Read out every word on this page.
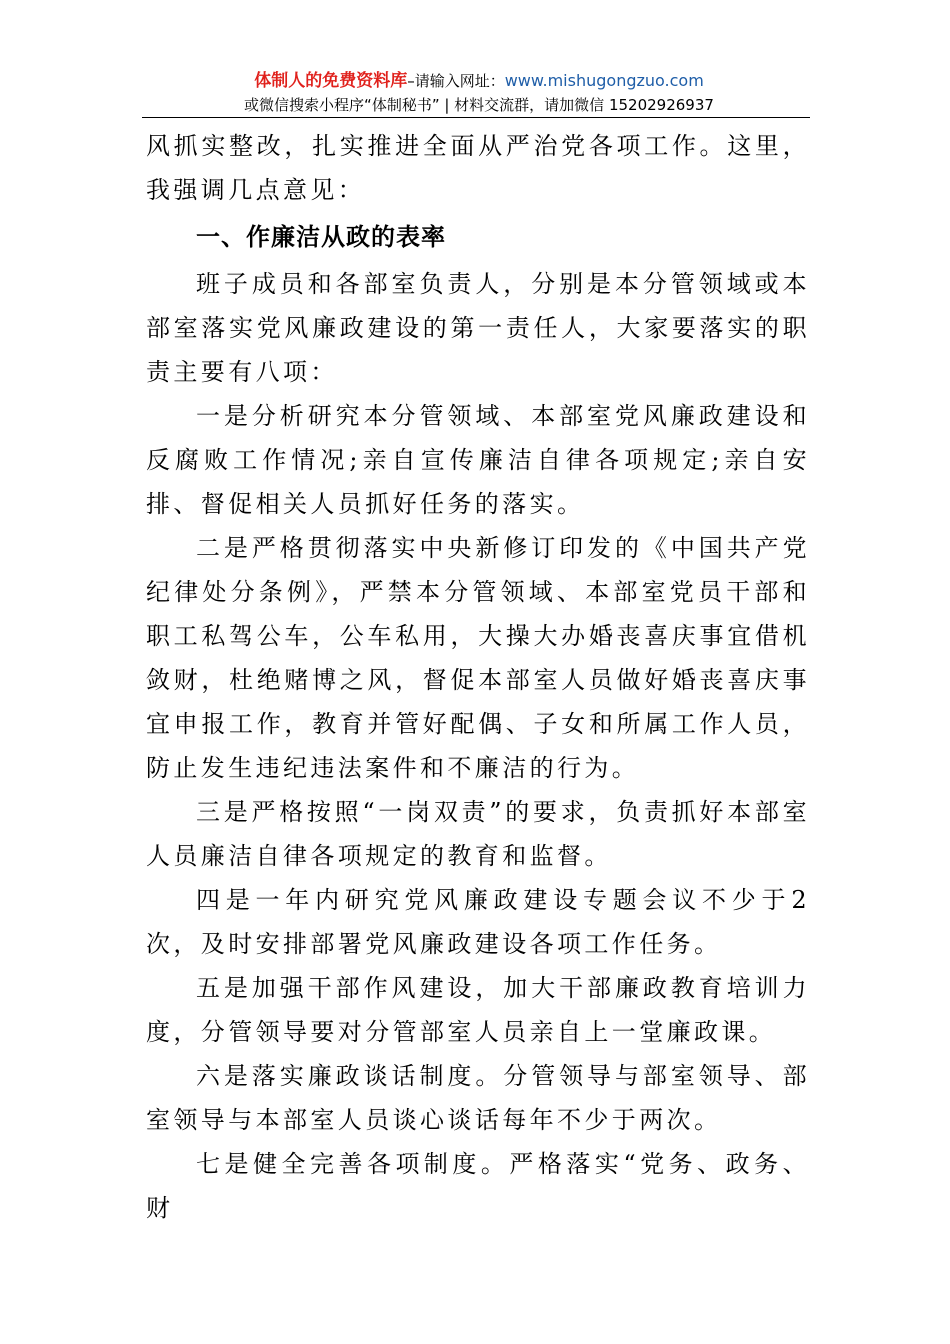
体制人的免费资料库–请输入网址：www.mishugongzuo.com
或微信搜索小程序“体制秘书” | 材料交流群，请加微信 15202926937

风抓实整改，扎实推进全面从严治党各项工作。这里，我强调几点意见：

一、作廉洁从政的表率

班子成员和各部室负责人，分别是本分管领域或本部室落实党风廉政建设的第一责任人，大家要落实的职责主要有八项：

一是分析研究本分管领域、本部室党风廉政建设和反腐败工作情况;亲自宣传廉洁自律各项规定;亲自安排、督促相关人员抓好任务的落实。

二是严格贯彻落实中央新修订印发的《中国共产党纪律处分条例》，严禁本分管领域、本部室党员干部和职工私驾公车，公车私用，大操大办婚丧喜庆事宜借机敛财，杜绝赌博之风，督促本部室人员做好婚丧喜庆事宜申报工作，教育并管好配偶、子女和所属工作人员，防止发生违纪违法案件和不廉洁的行为。

三是严格按照“一岗双责”的要求，负责抓好本部室人员廉洁自律各项规定的教育和监督。

四是一年内研究党风廉政建设专题会议不少于2次，及时安排部署党风廉政建设各项工作任务。

五是加强干部作风建设，加大干部廉政教育培训力度，分管领导要对分管部室人员亲自上一堂廉政课。

六是落实廉政谈话制度。分管领导与部室领导、部室领导与本部室人员谈心谈话每年不少于两次。

七是健全完善各项制度。严格落实“党务、政务、财
